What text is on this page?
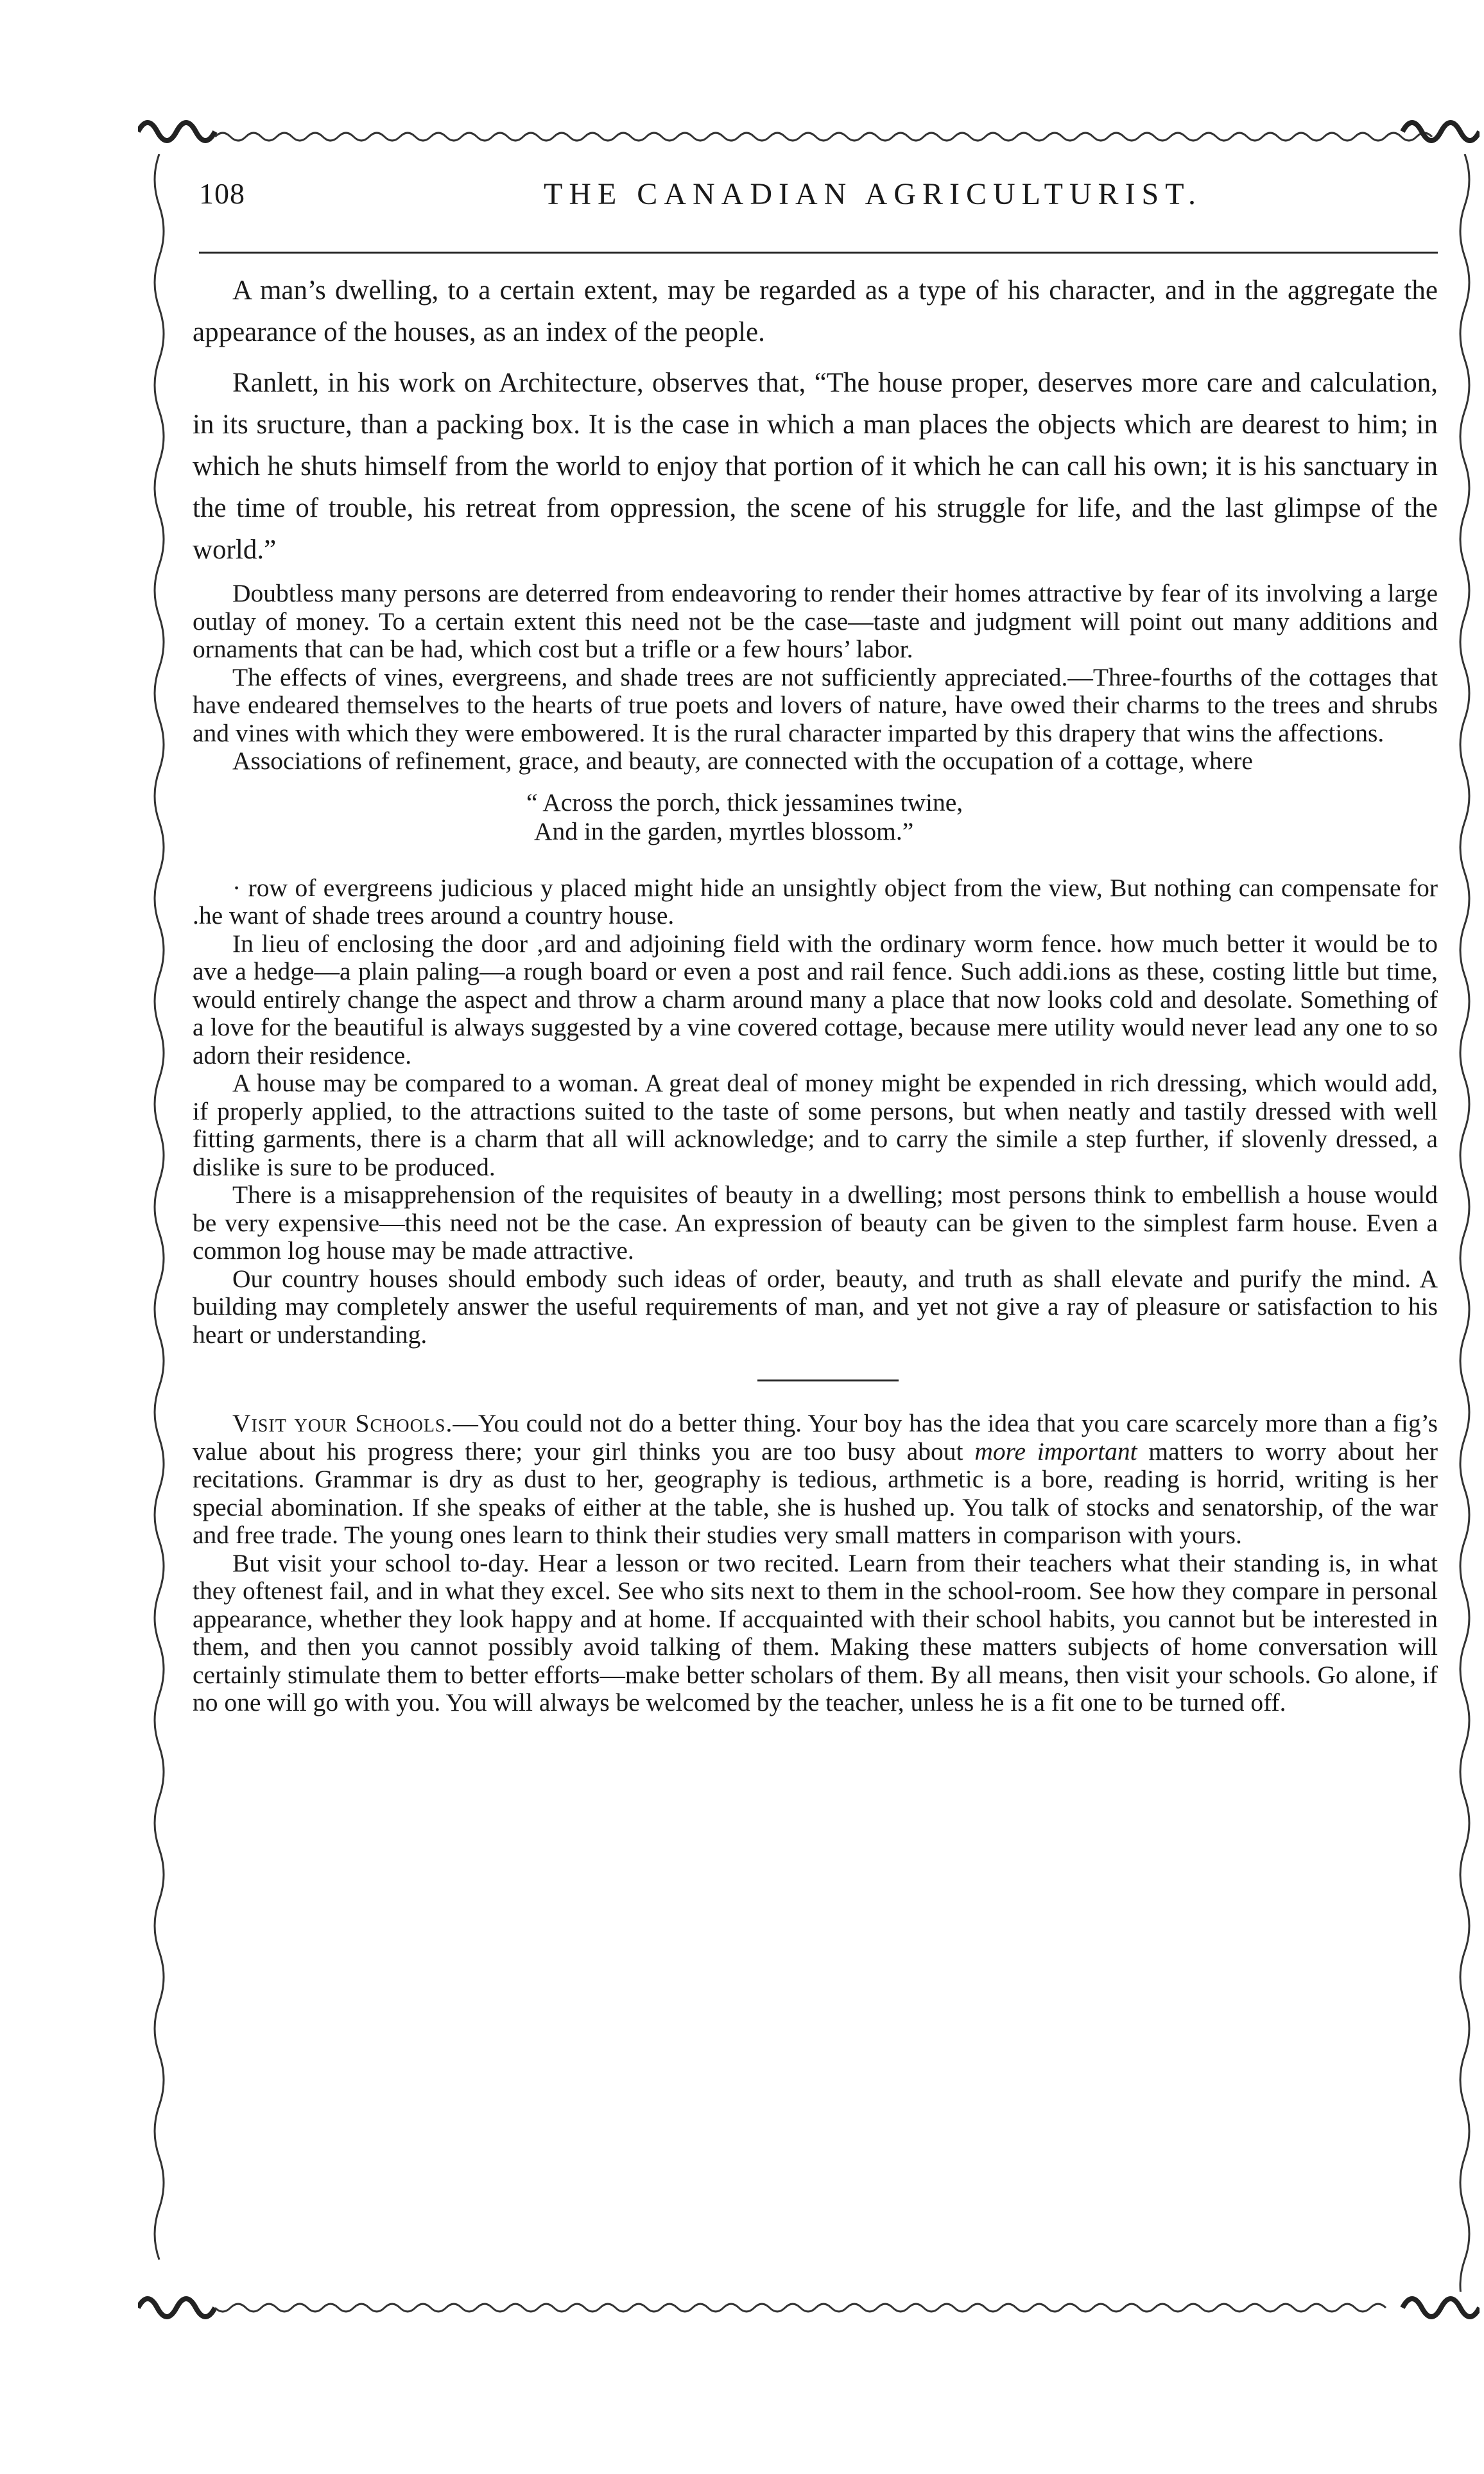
108	THE CANADIAN AGRICULTURIST.

A man’s dwelling, to a certain extent, may be regarded as a type of his character, and in the aggregate the appearance of the houses, as an index of the people.

Ranlett, in his work on Architecture, observes that, “The house proper, deserves more care and calculation, in its sructure, than a packing box. It is the case in which a man places the objects which are dearest to him; in which he shuts himself from the world to enjoy that portion of it which he can call his own; it is his sanctuary in the time of trouble, his retreat from oppression, the scene of his struggle for life, and the last glimpse of the world.”

Doubtless many persons are deterred from endeavoring to render their homes attractive by fear of its involving a large outlay of money. To a certain extent this need not be the case—taste and judgment will point out many additions and ornaments that can be had, which cost but a trifle or a few hours’ labor.

The effects of vines, evergreens, and shade trees are not sufficiently appreciated.—Three-fourths of the cottages that have endeared themselves to the hearts of true poets and lovers of nature, have owed their charms to the trees and shrubs and vines with which they were embowered. It is the rural character imparted by this drapery that wins the affections.

Associations of refinement, grace, and beauty, are connected with the occupation of a cottage, where

“ Across the porch, thick jessamines twine,
And in the garden, myrtles blossom.”

· row of evergreens judicious y placed might hide an unsightly object from the view, But nothing can compensate for .he want of shade trees around a country house.

In lieu of enclosing the door ‚ard and adjoining field with the ordinary worm fence. how much better it would be to ave a hedge—a plain paling—a rough board or even a post and rail fence. Such addi.ions as these, costing little but time, would entirely change the aspect and throw a charm around many a place that now looks cold and desolate. Something of a love for the beautiful is always suggested by a vine covered cottage, because mere utility would never lead any one to so adorn their residence.

A house may be compared to a woman. A great deal of money might be expended in rich dressing, which would add, if properly applied, to the attractions suited to the taste of some persons, but when neatly and tastily dressed with well fitting garments, there is a charm that all will acknowledge; and to carry the simile a step further, if slovenly dressed, a dislike is sure to be produced.

There is a misapprehension of the requisites of beauty in a dwelling; most persons think to embellish a house would be very expensive—this need not be the case. An expression of beauty can be given to the simplest farm house. Even a common log house may be made attractive.

Our country houses should embody such ideas of order, beauty, and truth as shall elevate and purify the mind. A building may completely answer the useful requirements of man, and yet not give a ray of pleasure or satisfaction to his heart or understanding.

Visit your Schools.—You could not do a better thing. Your boy has the idea that you care scarcely more than a fig’s value about his progress there; your girl thinks you are too busy about more important matters to worry about her recitations. Grammar is dry as dust to her, geography is tedious, arthmetic is a bore, reading is horrid, writing is her special abomination. If she speaks of either at the table, she is hushed up. You talk of stocks and senatorship, of the war and free trade. The young ones learn to think their studies very small matters in comparison with yours.

But visit your school to-day. Hear a lesson or two recited. Learn from their teachers what their standing is, in what they oftenest fail, and in what they excel. See who sits next to them in the school-room. See how they compare in personal appearance, whether they look happy and at home. If accquainted with their school habits, you cannot but be interested in them, and then you cannot possibly avoid talking of them. Making these matters subjects of home conversation will certainly stimulate them to better efforts—make better scholars of them. By all means, then visit your schools. Go alone, if no one will go with you. You will always be welcomed by the teacher, unless he is a fit one to be turned off.
